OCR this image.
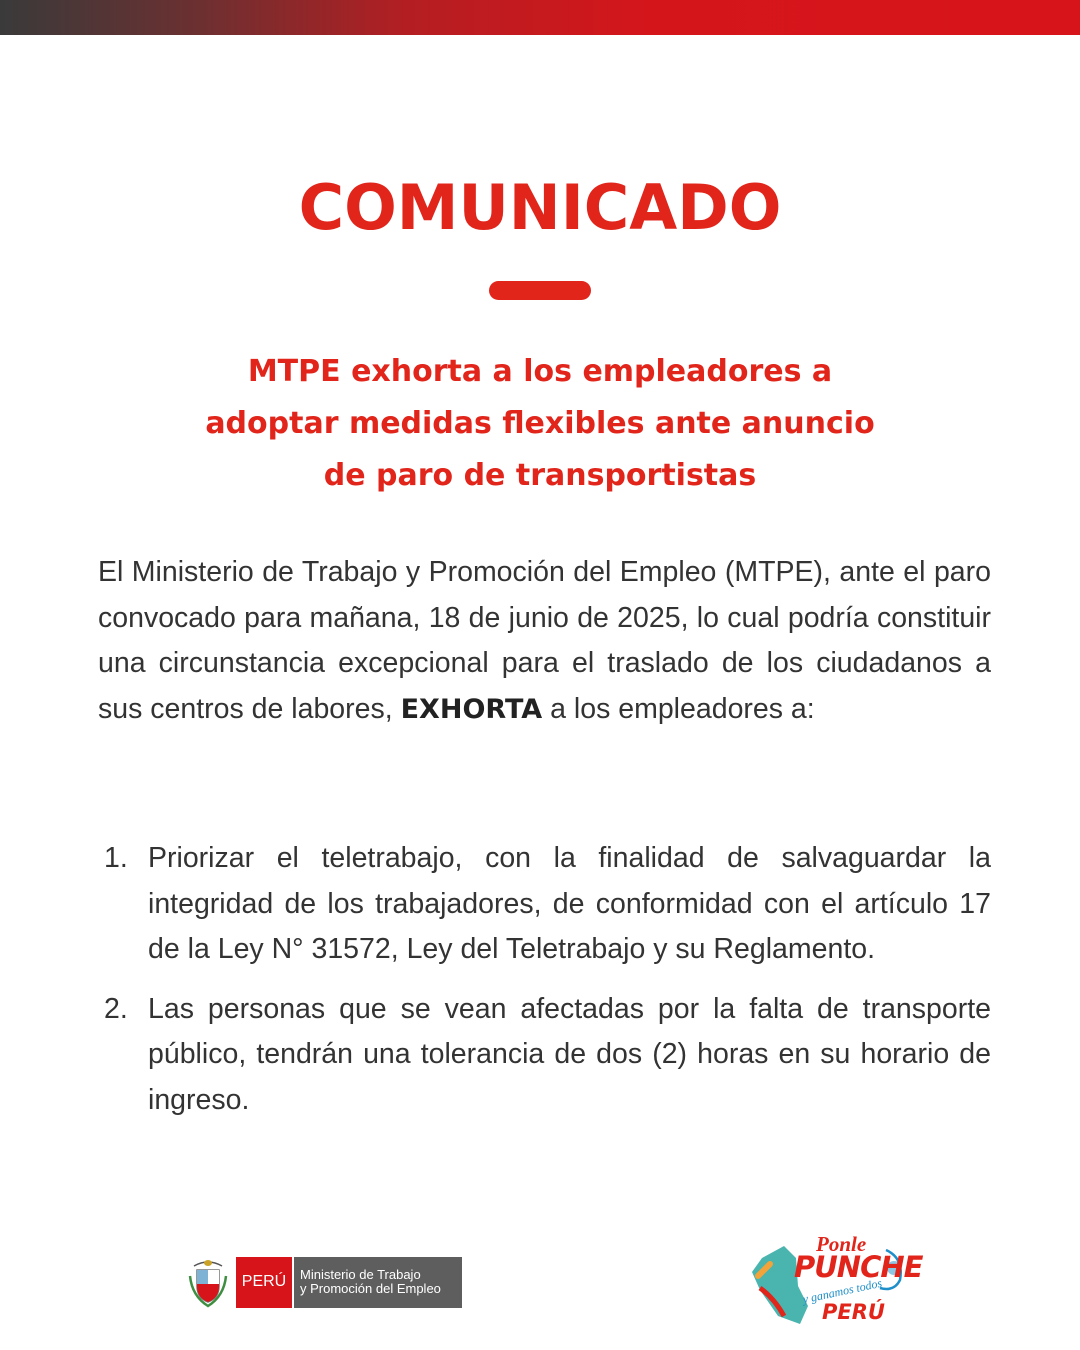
COMUNICADO
MTPE exhorta a los empleadores a
adoptar medidas flexibles ante anuncio
de paro de transportistas
El Ministerio de Trabajo y Promoción del Empleo (MTPE), ante el paro convocado para mañana, 18 de junio de 2025, lo cual podría constituir una circunstancia excepcional para el traslado de los ciudadanos a sus centros de labores, EXHORTA a los empleadores a:
1. Priorizar el teletrabajo, con la finalidad de salvaguardar la integridad de los trabajadores, de conformidad con el artículo 17 de la Ley N° 31572, Ley del Teletrabajo y su Reglamento.
2. Las personas que se vean afectadas por la falta de transporte público, tendrán una tolerancia de dos (2) horas en su horario de ingreso.
PERÚ	Ministerio de Trabajo
y Promoción del Empleo
Ponle
PUNCHE
y ganamos todos
PERÚ
